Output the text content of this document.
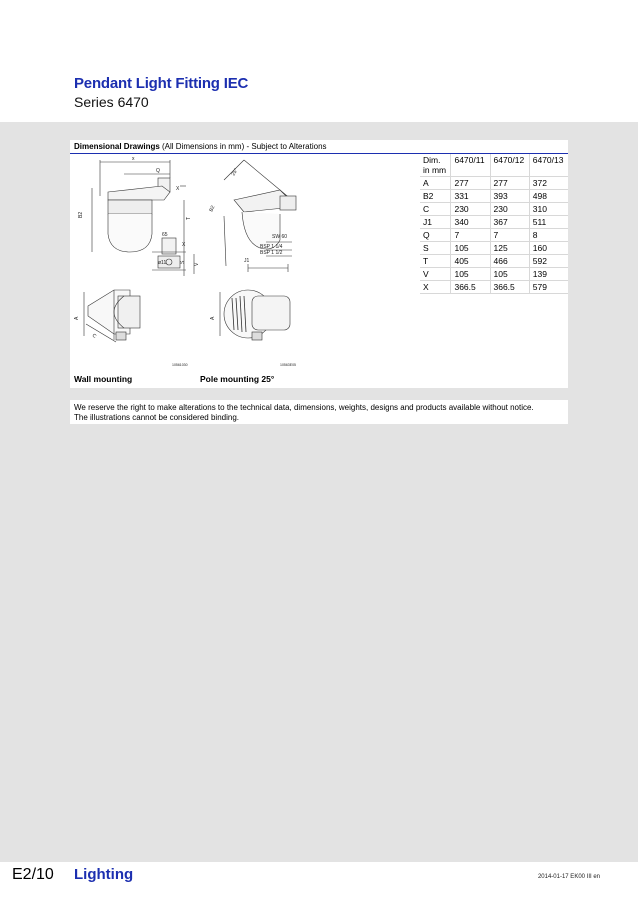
Pendant Light Fitting IEC
Series 6470
Dimensional Drawings (All Dimensions in mm) - Subject to Alterations
x
Q
X
B2
T
65
X
ø11	S
V
25°
B2
SW 60
BSP 1 1/4
BSP 1 1/2
J1
A
C
A
10561030	10563E05
Dim.
in mm	6470/11	6470/12	6470/13
A	277	277	372
B2	331	393	498
C	230	230	310
J1	340	367	511
Q	7	7	8
S	105	125	160
T	405	466	592
V	105	105	139
X	366.5	366.5	579
Wall mounting	Pole mounting 25°
We reserve the right to make alterations to the technical data, dimensions, weights, designs and products available without notice.
The illustrations cannot be considered binding.
E2/10 Lighting	2014-01-17 EK00 III en
